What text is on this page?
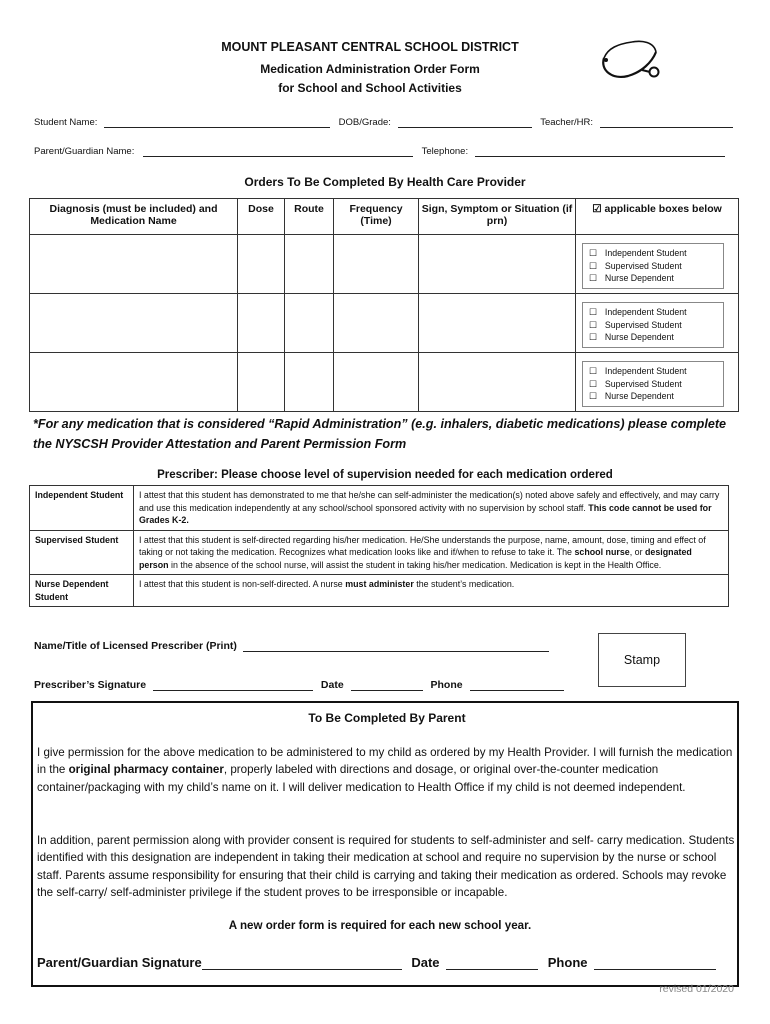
MOUNT PLEASANT CENTRAL SCHOOL DISTRICT
Medication Administration Order Form
for School and School Activities
Student Name:	DOB/Grade:	Teacher/HR:
Parent/Guardian Name:	Telephone:
Orders To Be Completed By Health Care Provider
Diagnosis (must be included) and Medication Name	Dose	Route	Frequency (Time)	Sign, Symptom or Situation (if prn)	☑ applicable boxes below

					☐ Independent Student
☐ Supervised Student
☐ Nurse Dependent

					☐ Independent Student
☐ Supervised Student
☐ Nurse Dependent

					☐ Independent Student
☐ Supervised Student
☐ Nurse Dependent
*For any medication that is considered “Rapid Administration” (e.g. inhalers, diabetic medications) please complete the NYSCSH Provider Attestation and Parent Permission Form
Prescriber: Please choose level of supervision needed for each medication ordered
Independent Student	I attest that this student has demonstrated to me that he/she can self-administer the medication(s) noted above safely and effectively, and may carry and use this medication independently at any school/school sponsored activity with no supervision by school staff. This code cannot be used for Grades K-2.
Supervised Student	I attest that this student is self-directed regarding his/her medication. He/She understands the purpose, name, amount, dose, timing and effect of taking or not taking the medication. Recognizes what medication looks like and if/when to refuse to take it. The school nurse, or designated person in the absence of the school nurse, will assist the student in taking his/her medication. Medication is kept in the Health Office.
Nurse Dependent Student	I attest that this student is non-self-directed. A nurse must administer the student’s medication.
Name/Title of Licensed Prescriber (Print)
Stamp
Prescriber’s Signature	Date	Phone
To Be Completed By Parent
I give permission for the above medication to be administered to my child as ordered by my Health Provider. I will furnish the medication in the original pharmacy container, properly labeled with directions and dosage, or original over-the-counter medication container/packaging with my child’s name on it. I will deliver medication to Health Office if my child is not deemed independent.
In addition, parent permission along with provider consent is required for students to self-administer and self- carry medication. Students identified with this designation are independent in taking their medication at school and require no supervision by the nurse or school staff. Parents assume responsibility for ensuring that their child is carrying and taking their medication as ordered. Schools may revoke the self-carry/ self-administer privilege if the student proves to be irresponsible or incapable.
A new order form is required for each new school year.
Parent/Guardian Signature	Date	Phone
revised 01/2020
